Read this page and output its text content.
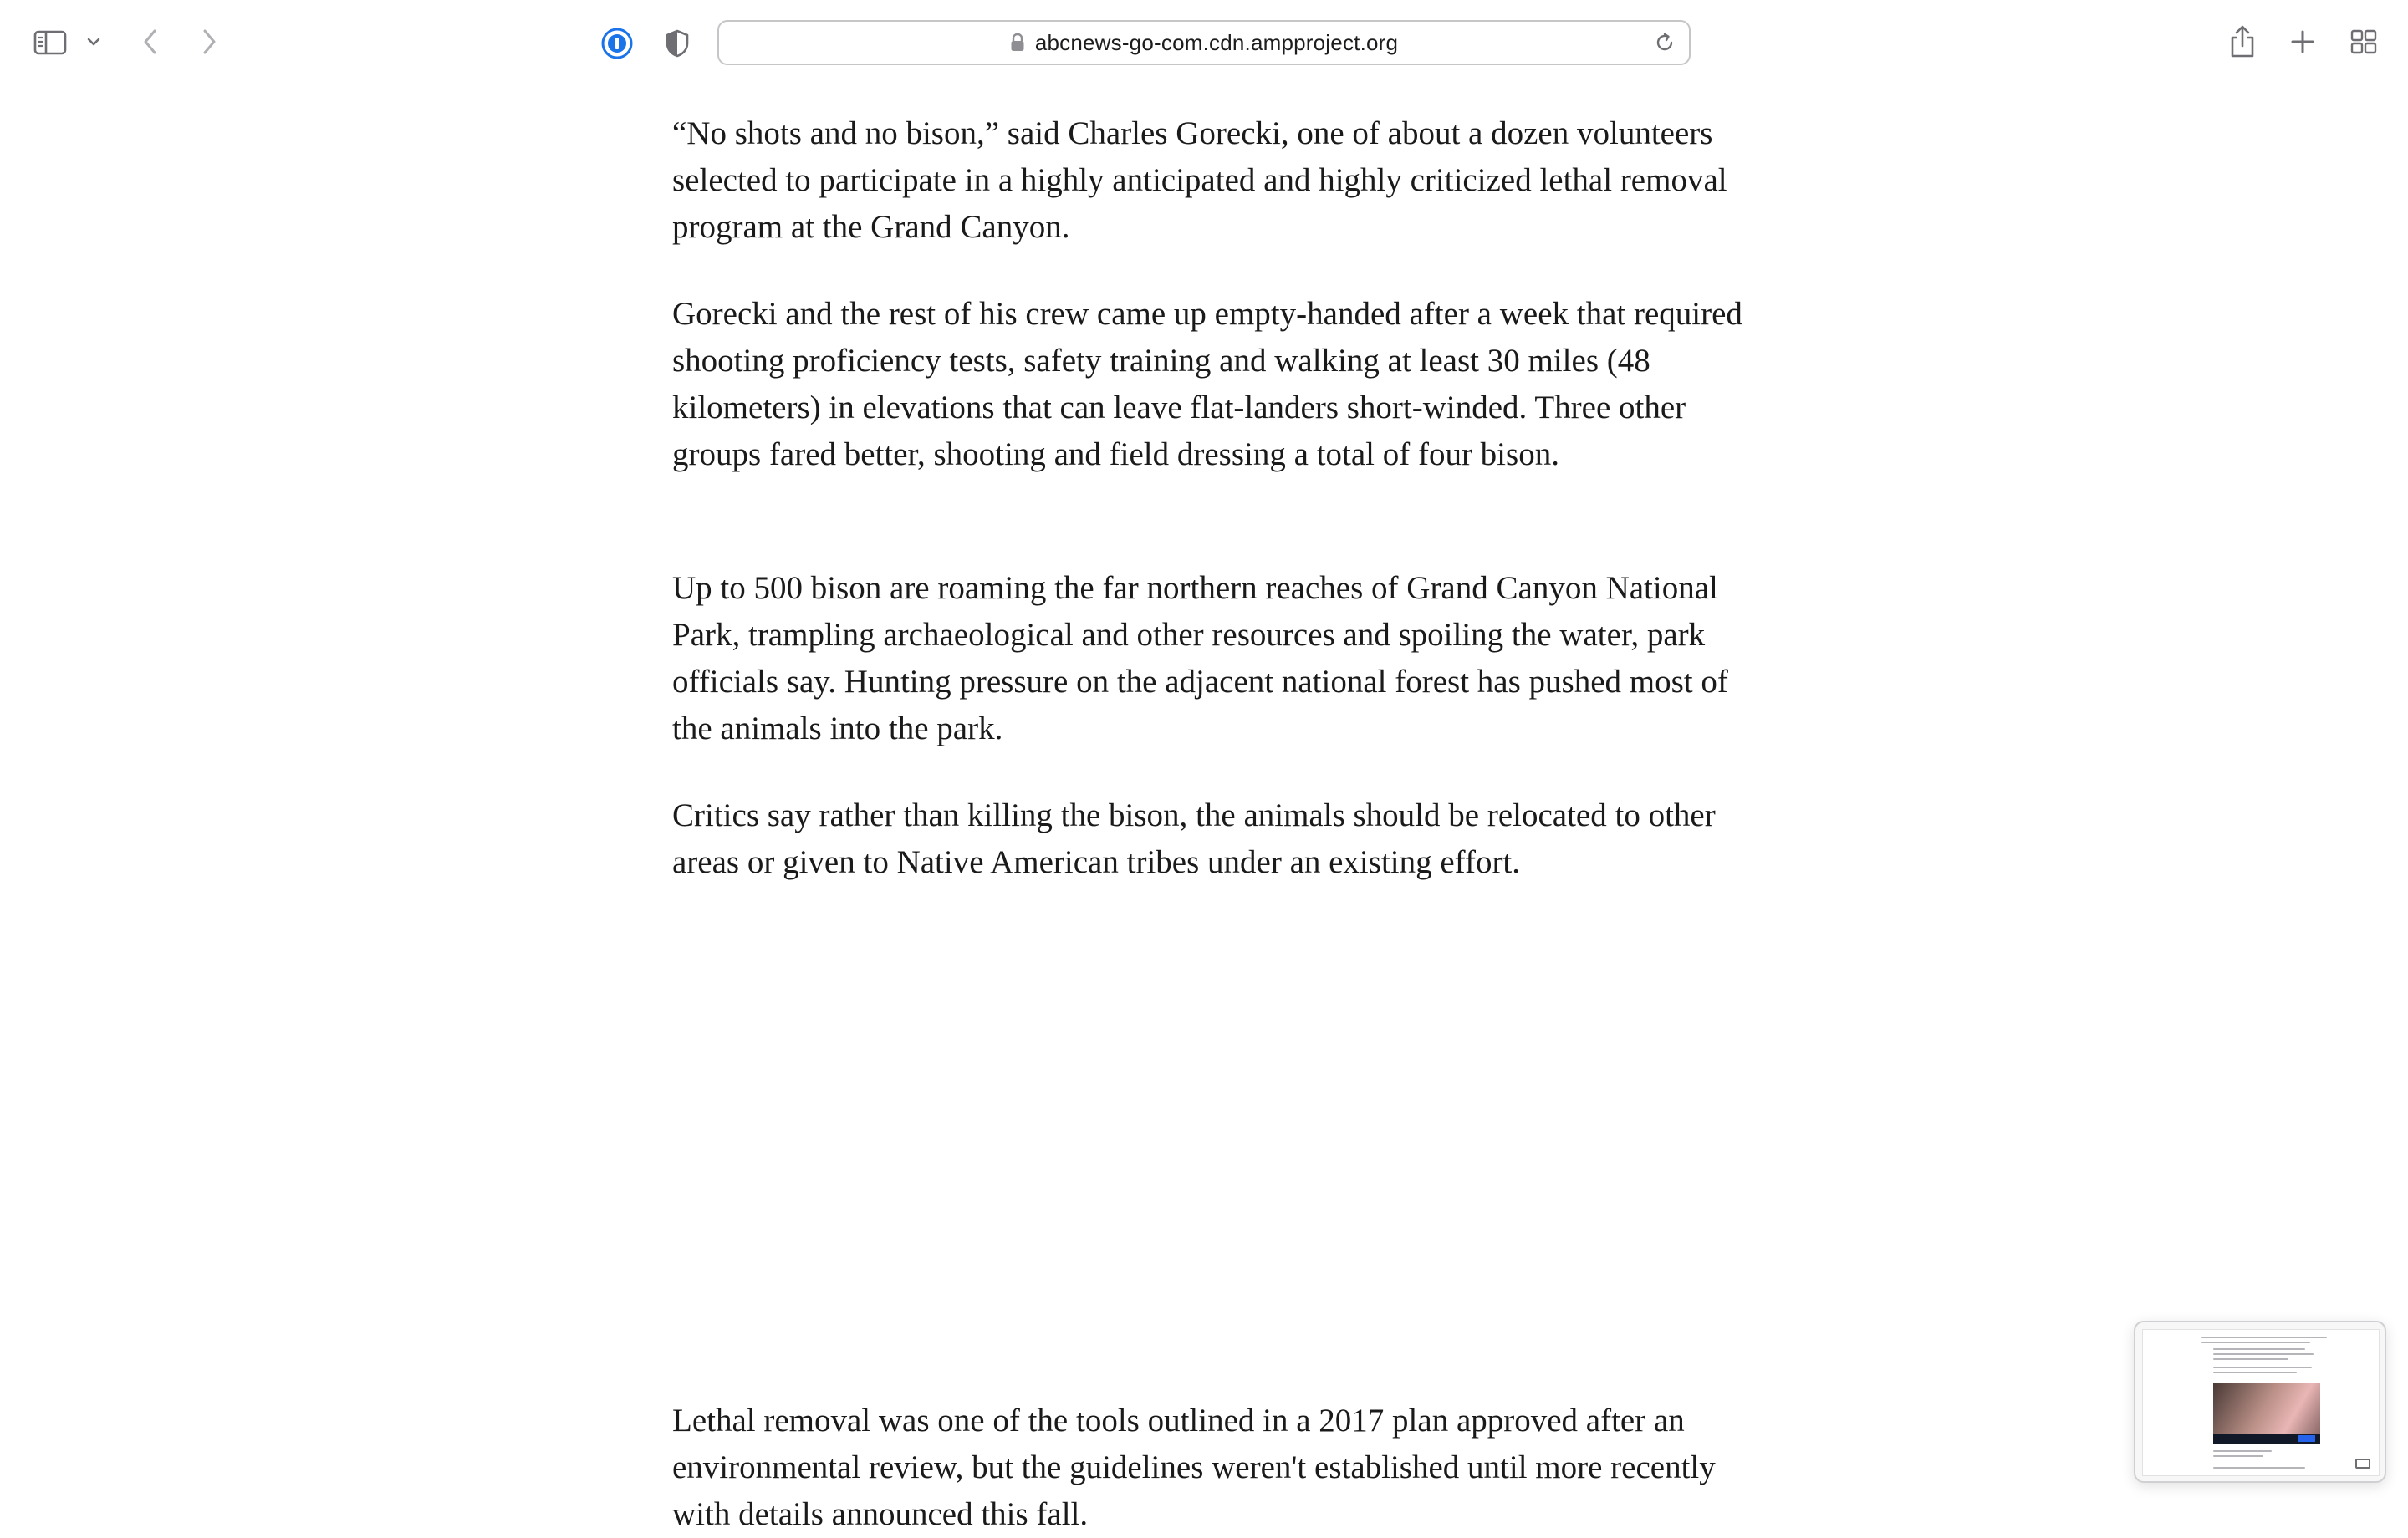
abcnews-go-com.cdn.ampproject.org

“No shots and no bison,” said Charles Gorecki, one of about a dozen volunteers selected to participate in a highly anticipated and highly criticized lethal removal program at the Grand Canyon.

Gorecki and the rest of his crew came up empty-handed after a week that required shooting proficiency tests, safety training and walking at least 30 miles (48 kilometers) in elevations that can leave flat-landers short-winded. Three other groups fared better, shooting and field dressing a total of four bison.

Up to 500 bison are roaming the far northern reaches of Grand Canyon National Park, trampling archaeological and other resources and spoiling the water, park officials say. Hunting pressure on the adjacent national forest has pushed most of the animals into the park.

Critics say rather than killing the bison, the animals should be relocated to other areas or given to Native American tribes under an existing effort.

Lethal removal was one of the tools outlined in a 2017 plan approved after an environmental review, but the guidelines weren't established until more recently with details announced this fall.
